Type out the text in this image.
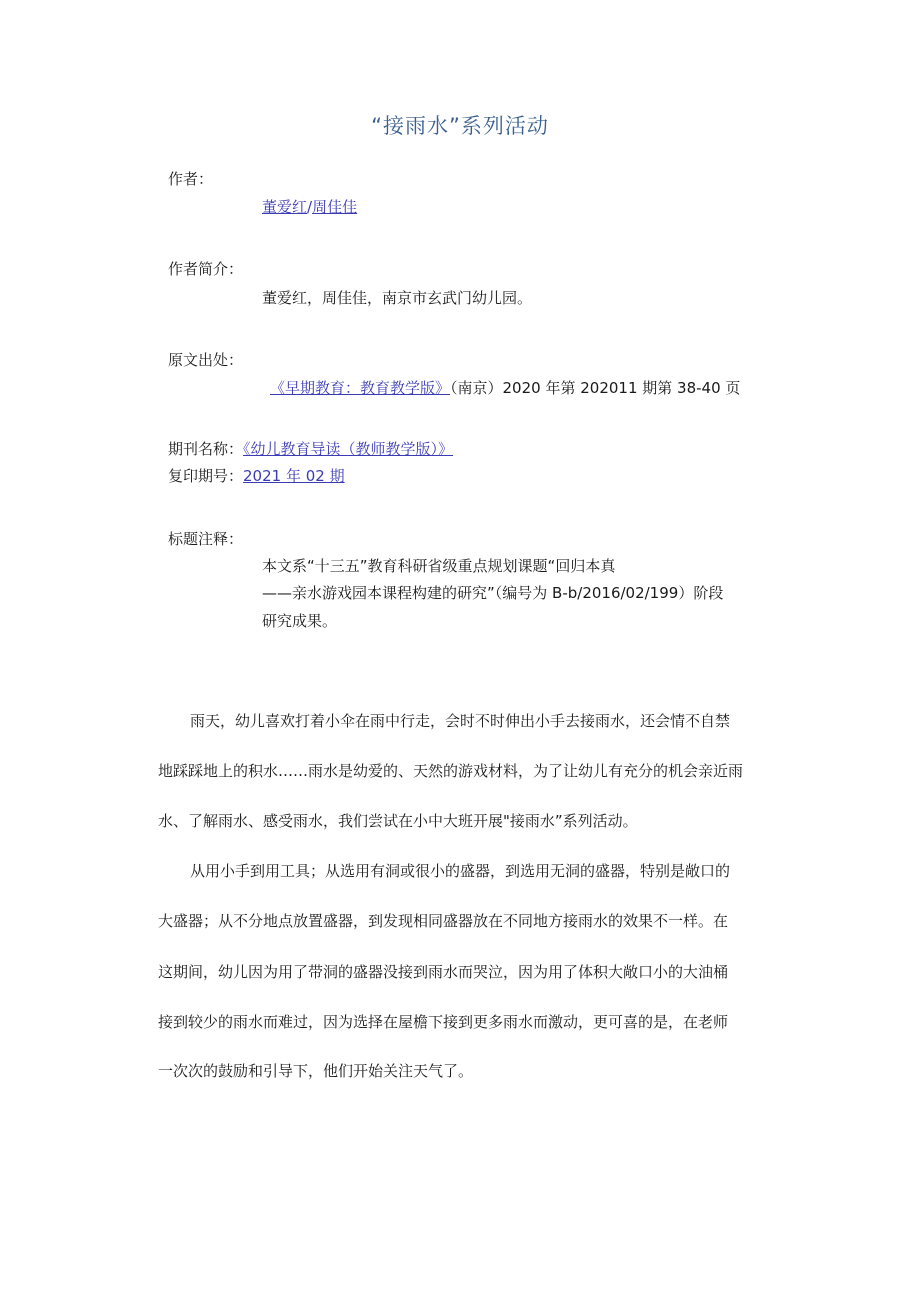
“接雨水”系列活动
作者：
董爱红/周佳佳
作者简介：
董爱红，周佳佳，南京市玄武门幼儿园。
原文出处：
《早期教育：教育教学版》（南京）2020 年第 202011 期第 38-40 页
期刊名称：《幼儿教育导读（教师教学版）》
复印期号：2021 年 02 期
标题注释：
本文系“十三五”教育科研省级重点规划课题“回归本真
——亲水游戏园本课程构建的研究”（编号为 B-b/2016/02/199）阶段
研究成果。
雨天，幼儿喜欢打着小伞在雨中行走，会时不时伸出小手去接雨水，还会情不自禁
地踩踩地上的积水……雨水是幼爱的、天然的游戏材料，为了让幼儿有充分的机会亲近雨
水、了解雨水、感受雨水，我们尝试在小中大班开展"接雨水”系列活动。
从用小手到用工具；从选用有洞或很小的盛器，到选用无洞的盛器，特别是敞口的
大盛器；从不分地点放置盛器，到发现相同盛器放在不同地方接雨水的效果不一样。在
这期间，幼儿因为用了带洞的盛器没接到雨水而哭泣，因为用了体积大敞口小的大油桶
接到较少的雨水而难过，因为选择在屋檐下接到更多雨水而激动，更可喜的是，在老师
一次次的鼓励和引导下，他们开始关注天气了。
